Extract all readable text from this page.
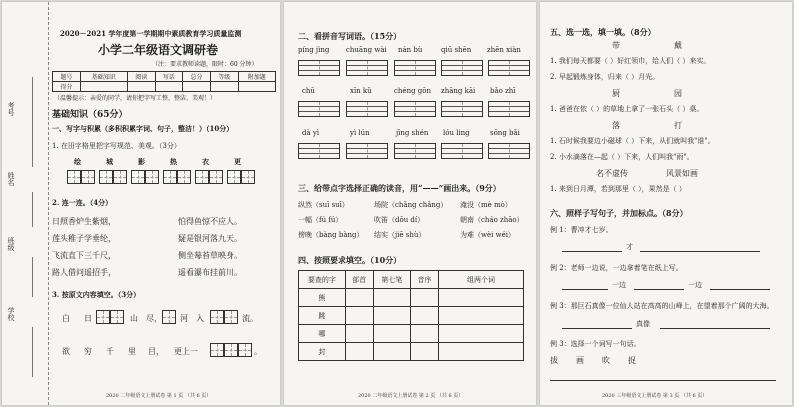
考号
姓名
班级
学校
2020－2021 学年度第一学期期中素质教育学习质量监测
小学二年级语文调研卷
（注：要求教师读题，限时：60 分钟）
题号	基础知识	阅读	写话	总分	等级	附加题
得分						
（温馨提示：亲爱的同学，请你把字写工整、整洁、美观！）
基础知识（65分）
一、写字与积累（多积积累字词、句子，整洁！）（10分）
1. 在田字格里把字写规范、美观。（3分）
绘	城	影	热	衣	更
2. 连一连。（4分）
日照香炉生紫烟，
莲头稚子学垂纶，
飞流直下三千尺，
路人借问遥招手，
怕得鱼惊不应人。
疑是银河落九天。
侧坐莓苔草映身。
遥看瀑布挂前川。
3. 按原文内容填空。（3分）
白 日	山 尽， 河 入	流。
欲 穷 千 里 目， 更上一	。
2020 二年级语文上册试卷 第 1 页 （共 6 页）
二、看拼音写词语。（15分）
píng jìng chuāng wài nán bù	qiū shēn zhēn xiàn
chū	xīn kǔ	chéng gōn zhāng kāi bǎo zhī
dà yì	yì lún	jīng shén lóu ling	sōng bǎi
三、给带点字选择正确的读音，用“——”画出来。（9分）
纵然（suī suī）	场院（chǎng chǎng） 淹没（mè mò）
一幅（fú fú）	吹笛（dōu dí）	朝南（cháo zhāo）
傍晚（bàng bàng） 结实（jiē shù）	为难（wèi wéi）
四、按照要求填空。（10分）
要查的字	部首	第七笔	音序	组两个词
熊				
跳				
哪				
封				
2020 二年级语文上册试卷 第 2 页 （共 6 页）
五、选一选，填一填。（8分）
带	戴
1. 我们每天都要（ ）好红领巾，给人们（ ）来实。
2. 早起锻炼身体，归来（ ）月光。
厨	园
1. 爸爸在依（ ）的草地上拿了一张石头（ ）桌。
落	打
1. 石时候我要边小磁球（ ）下来，从们就叫我"谁"。
2. 小水滴落在—起（ ）下来，人们叫我"雨"。
名不虚传	风景如画
1. 来到日月潭，若到那里（ ），果然是（ ）
六、照样子写句子，并加标点。（8分）
例 1：曹冲才七岁。
才
例 2：老师一边说，一边拿着笔在纸上写。
一边	一边
例 3：那巨石真像一位仙人站在高高的山峰上，在望着那个广阔的大海。
真像
例 3：选择一个词写一句话。
拔 画 吹 捉
2020 三年级语文上册试卷 第 3 页 （共 6 页）
